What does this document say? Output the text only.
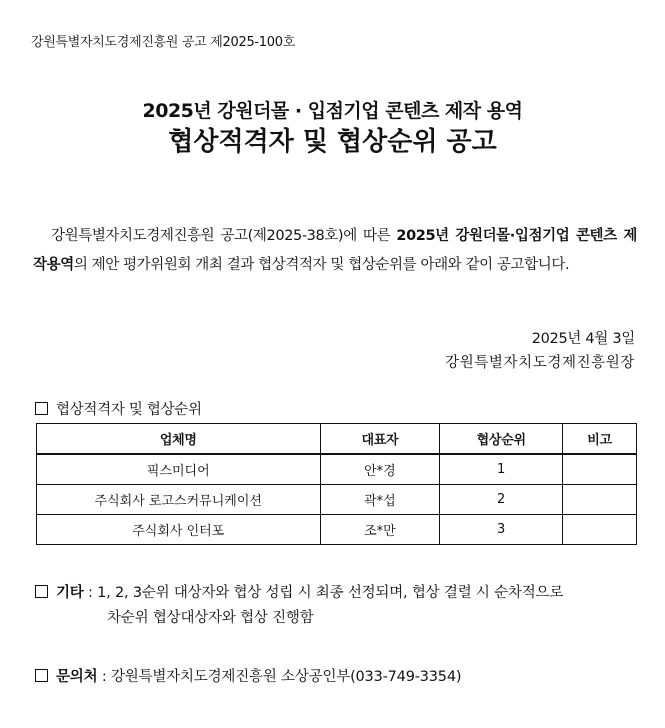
강원특별자치도경제진흥원 공고 제2025-100호
2025년 강원더몰 · 입점기업 콘텐츠 제작 용역
협상적격자 및 협상순위 공고
강원특별자치도경제진흥원 공고(제2025-38호)에 따른 2025년 강원더몰·입점기업 콘텐츠 제작용역의 제안 평가위원회 개최 결과 협상격적자 및 협상순위를 아래와 같이 공고합니다.
2025년 4월 3일
강원특별자치도경제진흥원장
협상적격자 및 협상순위
업체명	대표자	협상순위	비고
픽스미디어	안*경	1	
주식회사 로고스커뮤니케이션	곽*섭	2	
주식회사 인터포	조*만	3	
기타 : 1, 2, 3순위 대상자와 협상 성립 시 최종 선정되며, 협상 결렬 시 순차적으로
차순위 협상대상자와 협상 진행함
문의처 : 강원특별자치도경제진흥원 소상공인부(033-749-3354)
